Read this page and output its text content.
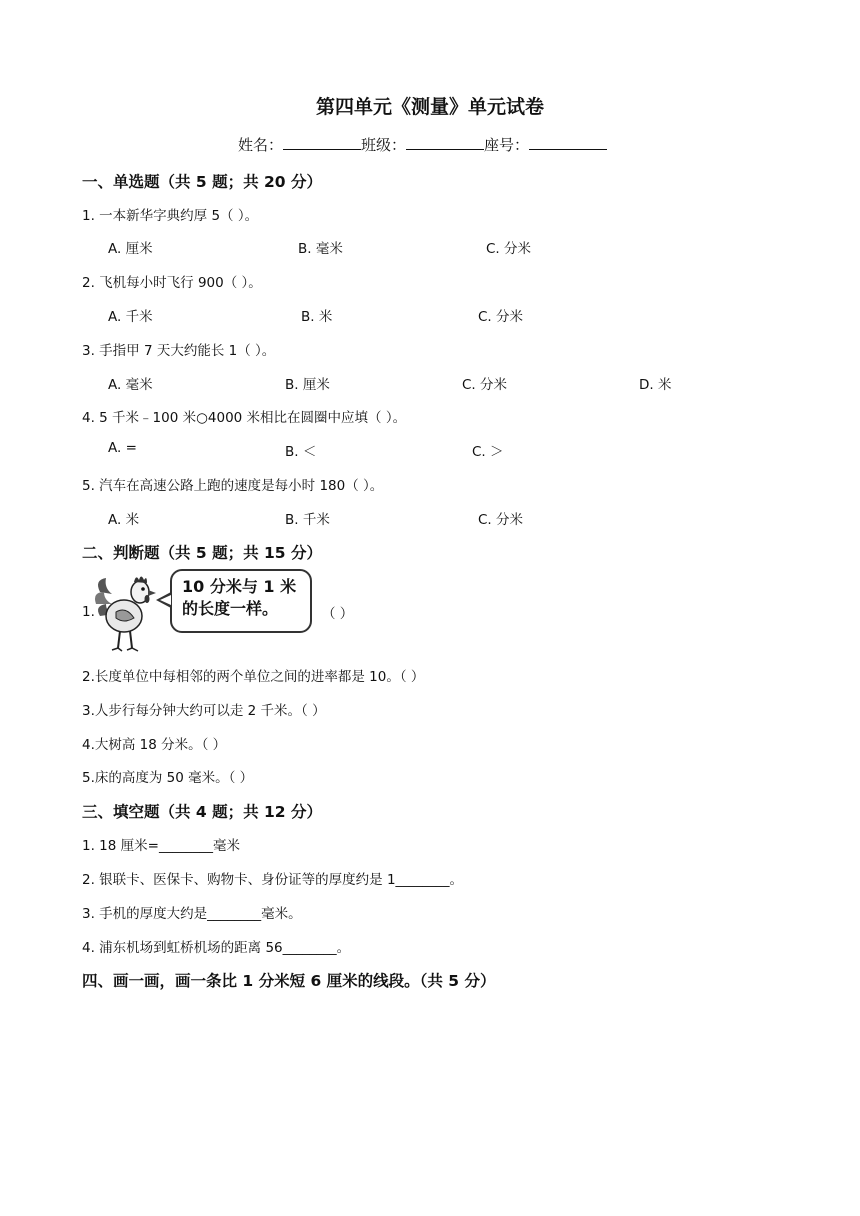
第四单元《测量》单元试卷
姓名：	班级：	座号：
一、单选题（共 5 题；共 20 分）
1. 一本新华字典约厚 5（ ）。
A. 厘米	B. 毫米	C. 分米
2. 飞机每小时飞行 900（ ）。
A. 千米	B. 米	C. 分米
3. 手指甲 7 天大约能长 1（ ）。
A. 毫米	B. 厘米	C. 分米	D. 米
4. 5 千米﹣100 米○4000 米相比在圆圈中应填（ ）。
A. =	B. ＜	C. ＞
5. 汽车在高速公路上跑的速度是每小时 180（ ）。
A. 米	B. 千米	C. 分米
二、判断题（共 5 题；共 15 分）
1.
10 分米与 1 米
的长度一样。	（ ）
2.长度单位中每相邻的两个单位之间的进率都是 10。（ ）
3.人步行每分钟大约可以走 2 千米。（ ）
4.大树高 18 分米。（ ）
5.床的高度为 50 毫米。（ ）
三、填空题（共 4 题；共 12 分）
1. 18 厘米=________毫米
2. 银联卡、医保卡、购物卡、身份证等的厚度约是 1________。
3. 手机的厚度大约是________毫米。
4. 浦东机场到虹桥机场的距离 56________。
四、画一画，画一条比 1 分米短 6 厘米的线段。（共 5 分）
